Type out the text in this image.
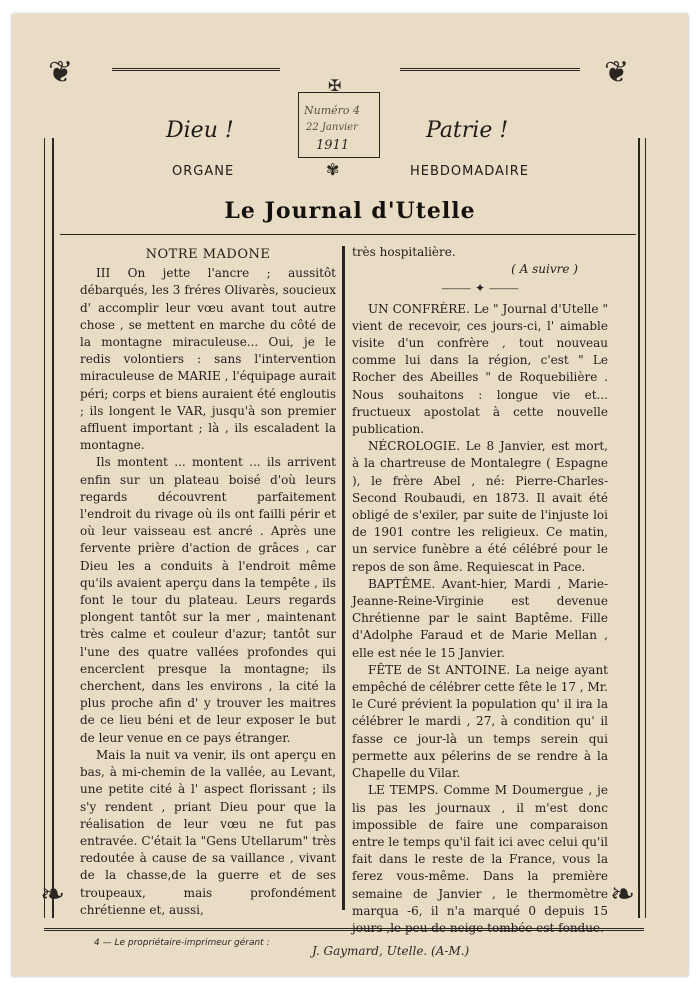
❦	❦
❧	❧
✠
Numéro 4
22 Janvier
1911
✾
Dieu !	Patrie !
ORGANE	HEBDOMADAIRE
Le Journal d'Utelle
NOTRE MADONE

III On jette l'ancre ; aussitôt débarqués, les 3 fréres Olivarès, soucieux d' accomplir leur vœu avant tout autre chose , se mettent en marche du côté de la montagne miraculeuse... Oui, je le redis volontiers : sans l'intervention miraculeuse de MARIE , l'équipage aurait péri; corps et biens auraient été engloutis ; ils longent le VAR, jusqu'à son premier affluent important ; là , ils escaladent la montagne.

Ils montent ... montent ... ils arrivent enfin sur un plateau boisé d'où leurs regards découvrent parfaitement l'endroit du rivage où ils ont failli périr et où leur vaisseau est ancré . Après une fervente prière d'action de grâces , car Dieu les a conduits à l'endroit même qu'ils avaient aperçu dans la tempête , ils font le tour du plateau. Leurs regards plongent tantôt sur la mer , maintenant très calme et couleur d'azur; tantôt sur l'une des quatre vallées profondes qui encerclent presque la montagne; ils cherchent, dans les environs , la cité la plus proche afin d' y trouver les maitres de ce lieu béni et de leur exposer le but de leur venue en ce pays étranger.

Mais la nuit va venir, ils ont aperçu en bas, à mi-chemin de la vallée, au Levant, une petite cité à l' aspect florissant ; ils s'y rendent , priant Dieu pour que la réalisation de leur vœu ne fut pas entravée. C'était la "Gens Utellarum" très redoutée à cause de sa vaillance , vivant de la chasse,de la guerre et de ses troupeaux, mais profondément chrétienne et, aussi,

très hospitalière.

( A suivre )
⸻ ✦ ⸻

UN CONFRÈRE. Le " Journal d'Utelle " vient de recevoir, ces jours-ci, l' aimable visite d'un confrère , tout nouveau comme lui dans la région, c'est " Le Rocher des Abeilles " de Roquebilière . Nous souhaitons : longue vie et... fructueux apostolat à cette nouvelle publication.

NÉCROLOGIE. Le 8 Janvier, est mort, à la chartreuse de Montalegre ( Espagne ), le frère Abel , né: Pierre-Charles-Second Roubaudi, en 1873. Il avait été obligé de s'exiler, par suite de l'injuste loi de 1901 contre les religieux. Ce matin, un service funèbre a été célébré pour le repos de son âme. Requiescat in Pace.

BAPTÊME. Avant-hier, Mardi , Marie-Jeanne-Reine-Virginie est devenue Chrétienne par le saint Baptême. Fille d'Adolphe Faraud et de Marie Mellan , elle est née le 15 Janvier.

FÊTE de St ANTOINE. La neige ayant empêché de célébrer cette fête le 17 , Mr. le Curé prévient la population qu' il ira la célébrer le mardi , 27, à condition qu' il fasse ce jour-là un temps serein qui permette aux pélerins de se rendre à la Chapelle du Vilar.

LE TEMPS. Comme M Doumergue , je lis pas les journaux , il m'est donc impossible de faire une comparaison entre le temps qu'il fait ici avec celui qu'il fait dans le reste de la France, vous la ferez vous-même. Dans la première semaine de Janvier , le thermomètre marqua -6, il n'a marqué 0 depuis 15 jours ,le peu de neige tombée est fondue.

4 — Le propriétaire-imprimeur gérant :
J. Gaymard, Utelle. (A-M.)
